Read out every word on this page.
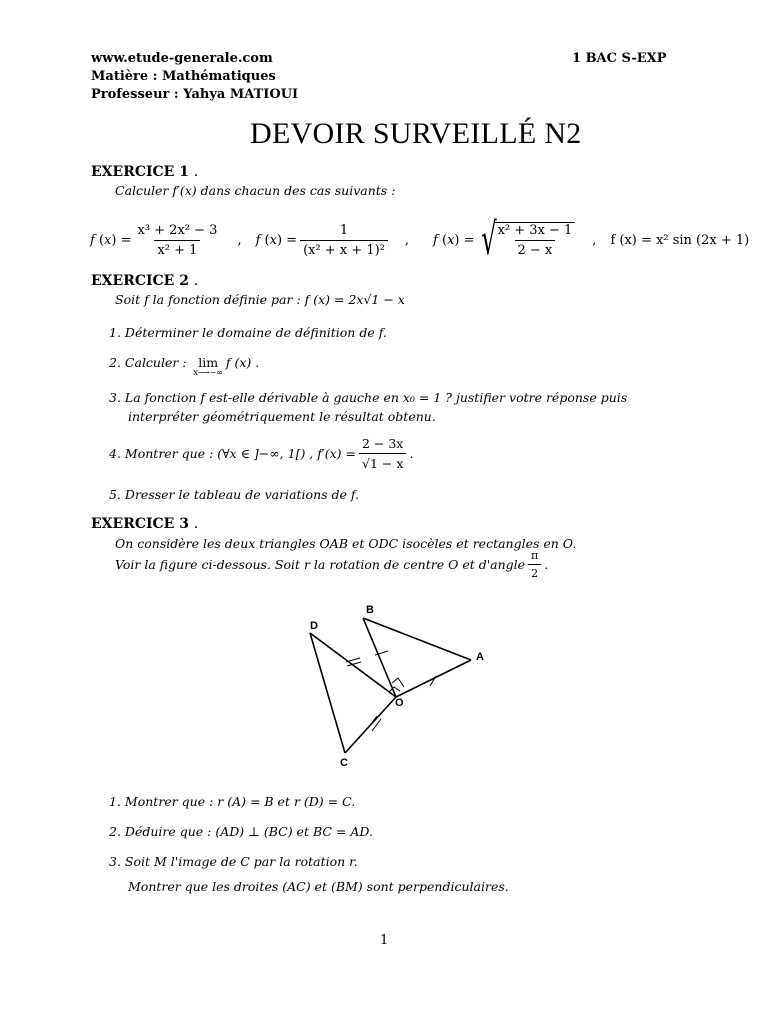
www.etude-generale.com	1 BAC S-EXP
Matière : Mathématiques
Professeur : Yahya MATIOUI
DEVOIR SURVEILLÉ N2
EXERCICE 1 .
Calculer f′(x) dans chacun des cas suivants :
f $(x) = \frac{\text{x³ + 2x² − 3}}{\text{x² + 1}}$ , f $(x) = \frac{1}{\text{(x² + x + 1)²}}$ , f (x) = √
$\frac{\text{x² + 3x − 1}}{2 - x}$ , f (x) = x² sin (2x + 1)
EXERCICE 2 .
Soit f la fonction définie par : f (x) = 2x√1 − x
1. Déterminer le domaine de définition de f.
2.
Calculer :
lim
x⟶−∞
f (x) .
3. La fonction f est-elle dérivable à gauche en x₀ = 1 ? justifier votre réponse puis
interpréter géométriquement le résultat obtenu.
4.
Montrer que : (∀x ∈ ]−∞, 1[) , $f'(x) = \frac{2 - 3x}{√1 - x}$ .
5. Dresser le tableau de variations de f.
EXERCICE 3 .
On considère les deux triangles OAB et ODC isocèles et rectangles en O.
Voir la figure ci-dessous. Soit r la rotation de centre O et d'angle $\frac{\pi}{2}$ .
D
B
A
O
C
1. Montrer que : r (A) = B et r (D) = C.
2. Déduire que : (AD) ⊥ (BC) et BC = AD.
3. Soit M l'image de C par la rotation r.
Montrer que les droites (AC) et (BM) sont perpendiculaires.
1
